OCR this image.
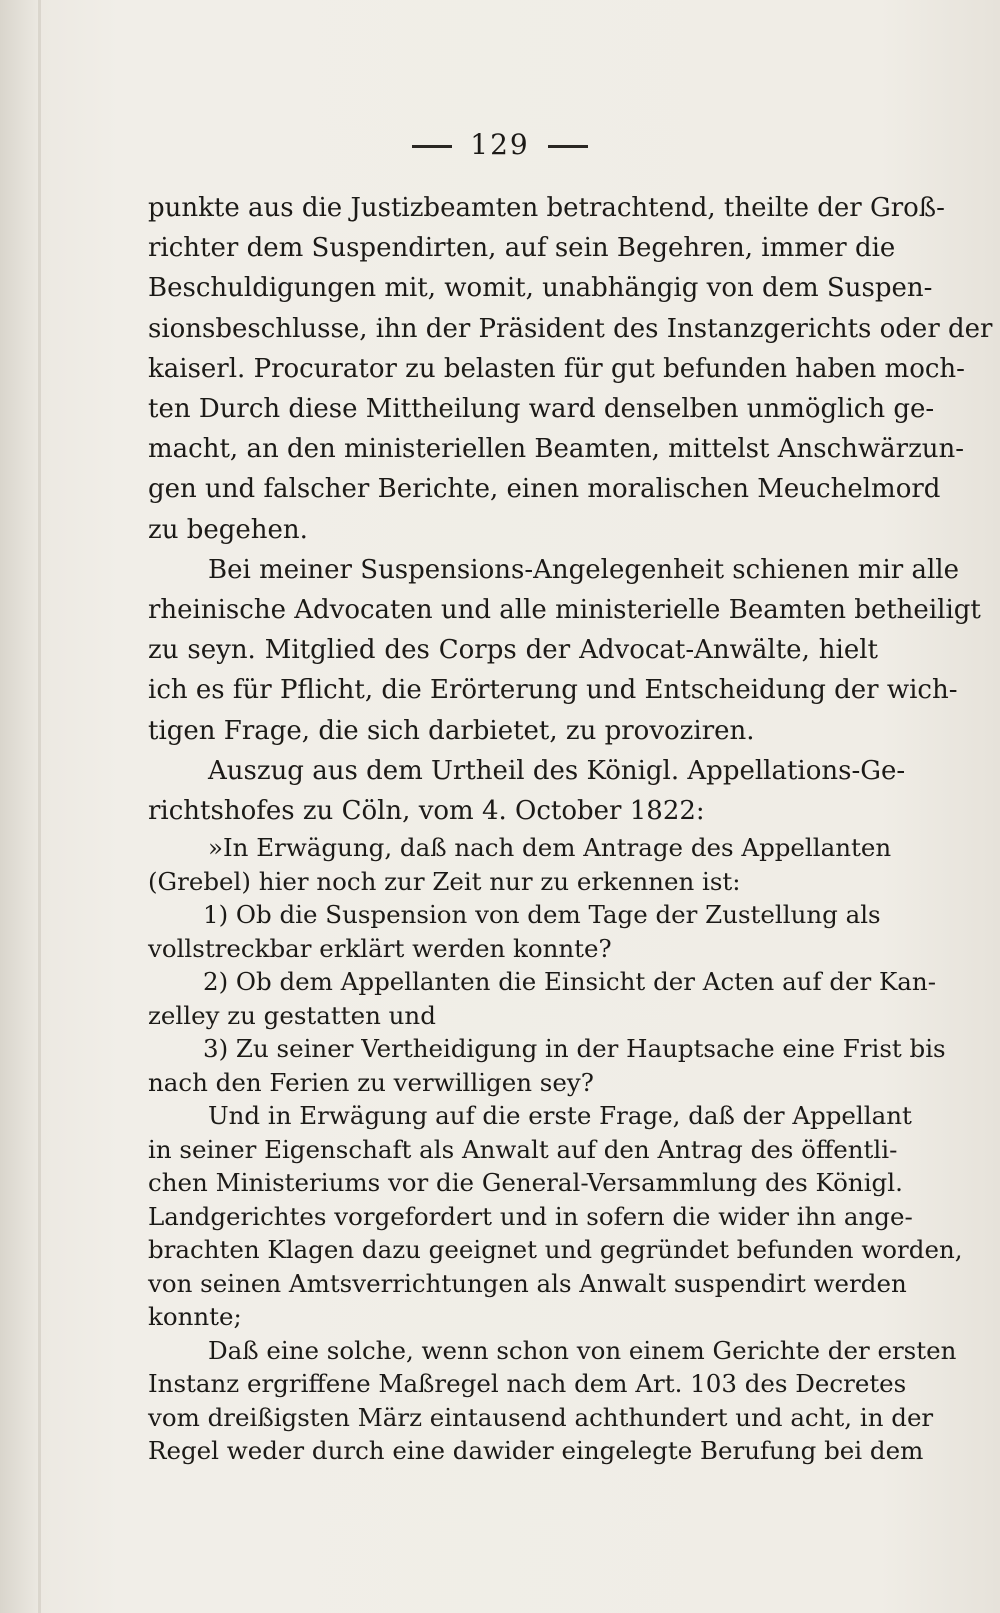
129
punkte aus die Justizbeamten betrachtend, theilte der Groß-
richter dem Suspendirten, auf sein Begehren, immer die
Beschuldigungen mit, womit, unabhängig von dem Suspen-
sionsbeschlusse, ihn der Präsident des Instanzgerichts oder der
kaiserl. Procurator zu belasten für gut befunden haben moch-
ten Durch diese Mittheilung ward denselben unmöglich ge-
macht, an den ministeriellen Beamten, mittelst Anschwärzun-
gen und falscher Berichte, einen moralischen Meuchelmord
zu begehen.
Bei meiner Suspensions-Angelegenheit schienen mir alle
rheinische Advocaten und alle ministerielle Beamten betheiligt
zu seyn. Mitglied des Corps der Advocat-Anwälte, hielt
ich es für Pflicht, die Erörterung und Entscheidung der wich-
tigen Frage, die sich darbietet, zu provoziren.
Auszug aus dem Urtheil des Königl. Appellations-Ge-
richtshofes zu Cöln, vom 4. October 1822:
»In Erwägung, daß nach dem Antrage des Appellanten
(Grebel) hier noch zur Zeit nur zu erkennen ist:
1) Ob die Suspension von dem Tage der Zustellung als
vollstreckbar erklärt werden konnte?
2) Ob dem Appellanten die Einsicht der Acten auf der Kan-
zelley zu gestatten und
3) Zu seiner Vertheidigung in der Hauptsache eine Frist bis
nach den Ferien zu verwilligen sey?
Und in Erwägung auf die erste Frage, daß der Appellant
in seiner Eigenschaft als Anwalt auf den Antrag des öffentli-
chen Ministeriums vor die General-Versammlung des Königl.
Landgerichtes vorgefordert und in sofern die wider ihn ange-
brachten Klagen dazu geeignet und gegründet befunden worden,
von seinen Amtsverrichtungen als Anwalt suspendirt werden
konnte;
Daß eine solche, wenn schon von einem Gerichte der ersten
Instanz ergriffene Maßregel nach dem Art. 103 des Decretes
vom dreißigsten März eintausend achthundert und acht, in der
Regel weder durch eine dawider eingelegte Berufung bei dem
